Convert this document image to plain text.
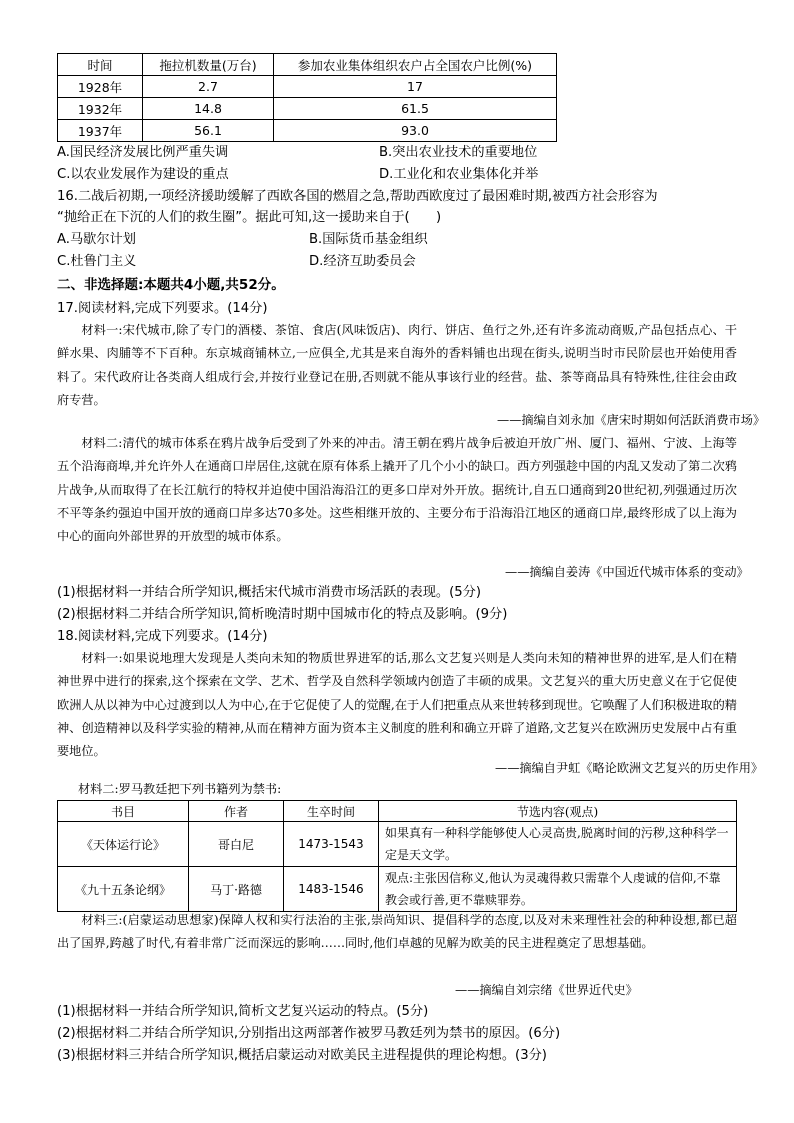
时间	拖拉机数量(万台)	参加农业集体组织农户占全国农户比例(%)
1928年	2.7	17
1932年	14.8	61.5
1937年	56.1	93.0
A.国民经济发展比例严重失调	B.突出农业技术的重要地位
C.以农业发展作为建设的重点	D.工业化和农业集体化并举
16.二战后初期,一项经济援助缓解了西欧各国的燃眉之急,帮助西欧度过了最困难时期,被西方社会形容为
“抛给正在下沉的人们的救生圈”。据此可知,这一援助来自于(　　)
A.马歇尔计划	B.国际货币基金组织
C.杜鲁门主义	D.经济互助委员会
二、非选择题:本题共4小题,共52分。
17.阅读材料,完成下列要求。(14分)

材料一:宋代城市,除了专门的酒楼、茶馆、食店(风味饭店)、肉行、饼店、鱼行之外,还有许多流动商贩,产品包括点心、干鲜水果、肉脯等不下百种。东京城商铺林立,一应俱全,尤其是来自海外的香料铺也出现在街头,说明当时市民阶层也开始使用香料了。宋代政府让各类商人组成行会,并按行业登记在册,否则就不能从事该行业的经营。盐、茶等商品具有特殊性,往往会由政府专营。

——摘编自刘永加《唐宋时期如何活跃消费市场》

材料二:清代的城市体系在鸦片战争后受到了外来的冲击。清王朝在鸦片战争后被迫开放广州、厦门、福州、宁波、上海等五个沿海商埠,并允许外人在通商口岸居住,这就在原有体系上撬开了几个小小的缺口。西方列强趁中国的内乱又发动了第二次鸦片战争,从而取得了在长江航行的特权并迫使中国沿海沿江的更多口岸对外开放。据统计,自五口通商到20世纪初,列强通过历次不平等条约强迫中国开放的通商口岸多达70多处。这些相继开放的、主要分布于沿海沿江地区的通商口岸,最终形成了以上海为中心的面向外部世界的开放型的城市体系。

——摘编自姜涛《中国近代城市体系的变动》
(1)根据材料一并结合所学知识,概括宋代城市消费市场活跃的表现。(5分)
(2)根据材料二并结合所学知识,简析晚清时期中国城市化的特点及影响。(9分)
18.阅读材料,完成下列要求。(14分)

材料一:如果说地理大发现是人类向未知的物质世界进军的话,那么文艺复兴则是人类向未知的精神世界的进军,是人们在精神世界中进行的探索,这个探索在文学、艺术、哲学及自然科学领域内创造了丰硕的成果。文艺复兴的重大历史意义在于它促使欧洲人从以神为中心过渡到以人为中心,在于它促使了人的觉醒,在于人们把重点从来世转移到现世。它唤醒了人们积极进取的精神、创造精神以及科学实验的精神,从而在精神方面为资本主义制度的胜利和确立开辟了道路,文艺复兴在欧洲历史发展中占有重要地位。

——摘编自尹虹《略论欧洲文艺复兴的历史作用》
材料二:罗马教廷把下列书籍列为禁书:
书目	作者	生卒时间	节选内容(观点)
《天体运行论》	哥白尼	1473-1543	如果真有一种科学能够使人心灵高贵,脱离时间的污秽,这种科学一定是天文学。
《九十五条论纲》	马丁·路德	1483-1546	观点:主张因信称义,他认为灵魂得救只需靠个人虔诚的信仰,不靠教会或行善,更不靠赎罪券。

材料三:(启蒙运动思想家)保障人权和实行法治的主张,崇尚知识、提倡科学的态度,以及对未来理性社会的种种设想,都已超出了国界,跨越了时代,有着非常广泛而深远的影响……同时,他们卓越的见解为欧美的民主进程奠定了思想基础。

——摘编自刘宗绪《世界近代史》
(1)根据材料一并结合所学知识,简析文艺复兴运动的特点。(5分)
(2)根据材料二并结合所学知识,分别指出这两部著作被罗马教廷列为禁书的原因。(6分)
(3)根据材料三并结合所学知识,概括启蒙运动对欧美民主进程提供的理论构想。(3分)
